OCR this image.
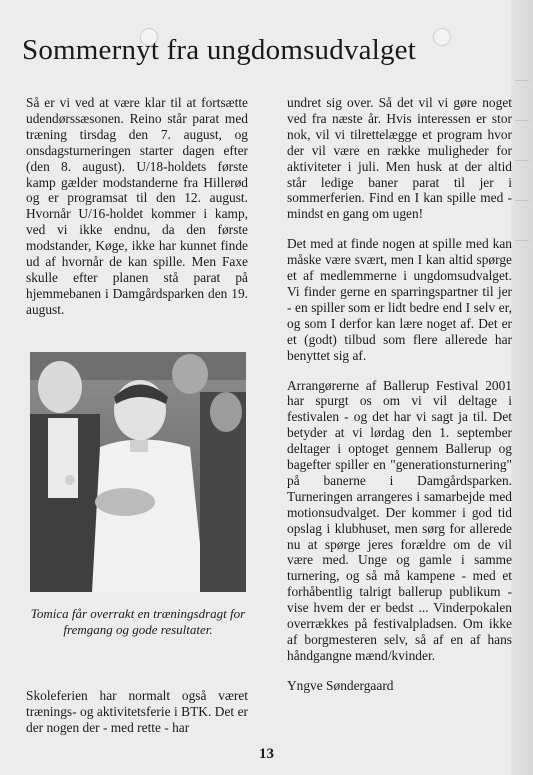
Sommernyt fra ungdomsudvalget

Så er vi ved at være klar til at fortsætte udendørssæsonen. Reino står parat med træning tirsdag den 7. august, og onsdagsturneringen starter dagen efter (den 8. august). U/18-holdets første kamp gælder modstanderne fra Hillerød og er programsat til den 12. august. Hvornår U/16-holdet kommer i kamp, ved vi ikke endnu, da den første modstander, Køge, ikke har kunnet finde ud af hvornår de kan spille. Men Faxe skulle efter planen stå parat på hjemmebanen i Damgårdsparken den 19. august.

Tomica får overrakt en træningsdragt for fremgang og gode resultater.

Skoleferien har normalt også været trænings- og aktivitetsferie i BTK. Det er der nogen der - med rette - har

undret sig over. Så det vil vi gøre noget ved fra næste år. Hvis interessen er stor nok, vil vi tilrettelægge et program hvor der vil være en række muligheder for aktiviteter i juli. Men husk at der altid står ledige baner parat til jer i sommerferien. Find en I kan spille med - mindst en gang om ugen!

Det med at finde nogen at spille med kan måske være svært, men I kan altid spørge et af medlemmerne i ungdomsudvalget. Vi finder gerne en sparringspartner til jer - en spiller som er lidt bedre end I selv er, og som I derfor kan lære noget af. Det er et (godt) tilbud som flere allerede har benyttet sig af.

Arrangørerne af Ballerup Festival 2001 har spurgt os om vi vil deltage i festivalen - og det har vi sagt ja til. Det betyder at vi lørdag den 1. september deltager i optoget gennem Ballerup og bagefter spiller en "generationsturnering" på banerne i Damgårdsparken. Turneringen arrangeres i samarbejde med motionsudvalget. Der kommer i god tid opslag i klubhuset, men sørg for allerede nu at spørge jeres forældre om de vil være med. Unge og gamle i samme turnering, og så må kampene - med et forhåbentlig talrigt ballerup publikum - vise hvem der er bedst ... Vinderpokalen overrækkes på festivalpladsen. Om ikke af borgmesteren selv, så af en af hans håndgangne mænd/kvinder.

Yngve Søndergaard

13
